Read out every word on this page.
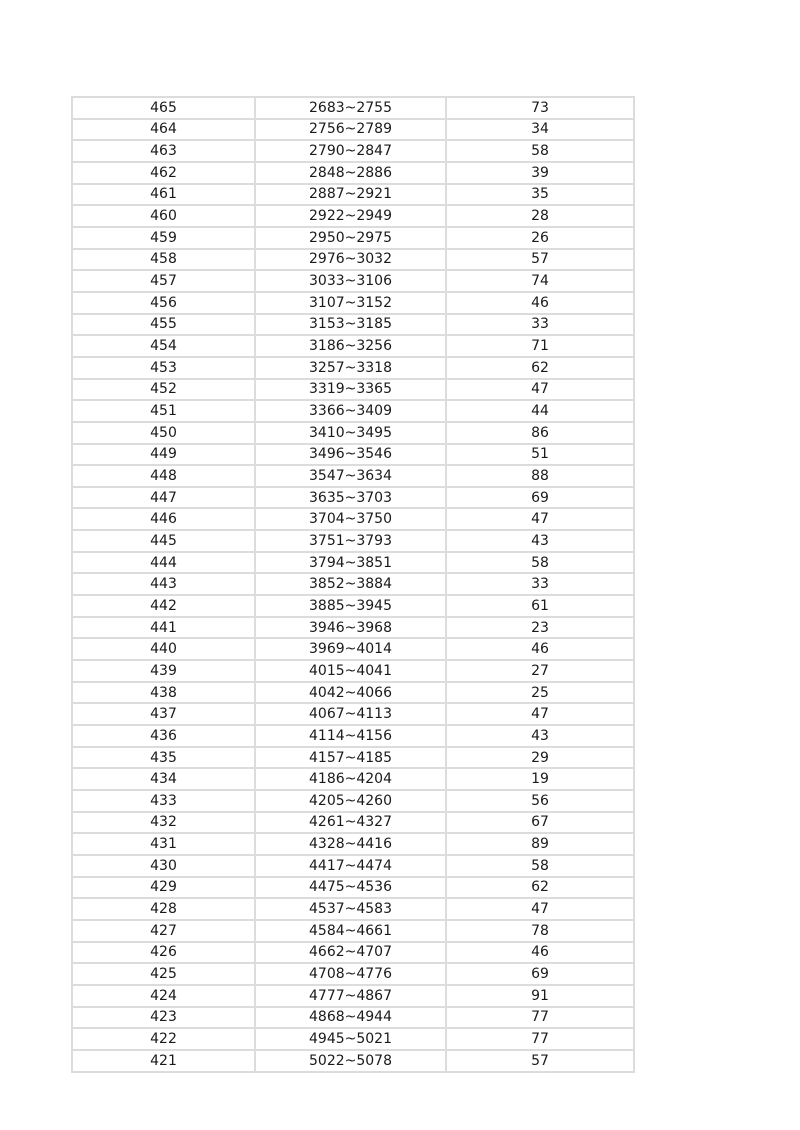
465	2683~2755	73
464	2756~2789	34
463	2790~2847	58
462	2848~2886	39
461	2887~2921	35
460	2922~2949	28
459	2950~2975	26
458	2976~3032	57
457	3033~3106	74
456	3107~3152	46
455	3153~3185	33
454	3186~3256	71
453	3257~3318	62
452	3319~3365	47
451	3366~3409	44
450	3410~3495	86
449	3496~3546	51
448	3547~3634	88
447	3635~3703	69
446	3704~3750	47
445	3751~3793	43
444	3794~3851	58
443	3852~3884	33
442	3885~3945	61
441	3946~3968	23
440	3969~4014	46
439	4015~4041	27
438	4042~4066	25
437	4067~4113	47
436	4114~4156	43
435	4157~4185	29
434	4186~4204	19
433	4205~4260	56
432	4261~4327	67
431	4328~4416	89
430	4417~4474	58
429	4475~4536	62
428	4537~4583	47
427	4584~4661	78
426	4662~4707	46
425	4708~4776	69
424	4777~4867	91
423	4868~4944	77
422	4945~5021	77
421	5022~5078	57
